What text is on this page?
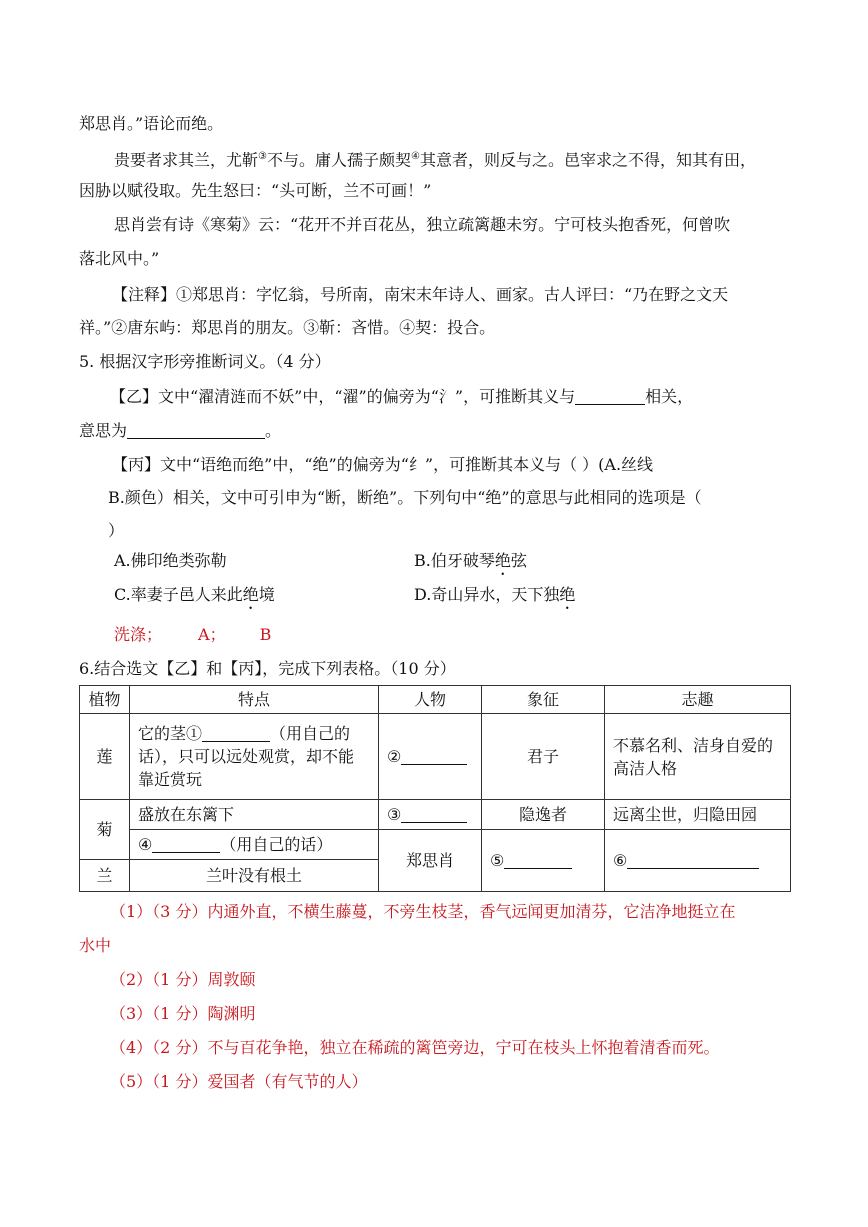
郑思肖。”语论而绝。
贵要者求其兰，尤靳③不与。庸人孺子颇契④其意者，则反与之。邑宰求之不得，知其有田，
因胁以赋役取。先生怒曰：“头可断，兰不可画！”
思肖尝有诗《寒菊》云：“花开不并百花丛，独立疏篱趣未穷。宁可枝头抱香死，何曾吹
落北风中。”
【注释】①郑思肖：字忆翁，号所南，南宋末年诗人、画家。古人评曰：“乃在野之文天
祥。”②唐东屿：郑思肖的朋友。③靳：吝惜。④契：投合。
5. 根据汉字形旁推断词义。（4 分）
【乙】文中“濯清涟而不妖”中，“濯”的偏旁为“氵”，可推断其义与	相关，
意思为	。
【丙】文中“语绝而绝”中，“绝”的偏旁为“纟”，可推断其本义与（ ）(A.丝线
B.颜色）相关，文中可引申为“断，断绝”。下列句中“绝”的意思与此相同的选项是（
）
A.佛印绝类弥勒	B.伯牙破琴绝弦
C.率妻子邑人来此绝境	D.奇山异水，天下独绝
洗涤； A； B
6.结合选文【乙】和【丙】，完成下列表格。（10 分）
植物	特点	人物	象征	志趣
莲	它的茎① （用自己的
话），只可以远处观赏，却不能
靠近赏玩	②	君子	不慕名利、洁身自爱的高洁人格
菊	盛放在东篱下	③	隐逸者	远离尘世，归隐田园
	④ （用自己的话）	郑思肖	⑤	⑥
兰	兰叶没有根土			
（1）（3 分）内通外直，不横生藤蔓，不旁生枝茎，香气远闻更加清芬，它洁净地挺立在
水中
（2）（1 分）周敦颐
（3）（1 分）陶渊明
（4）（2 分）不与百花争艳，独立在稀疏的篱笆旁边，宁可在枝头上怀抱着清香而死。
（5）（1 分）爱国者（有气节的人）
